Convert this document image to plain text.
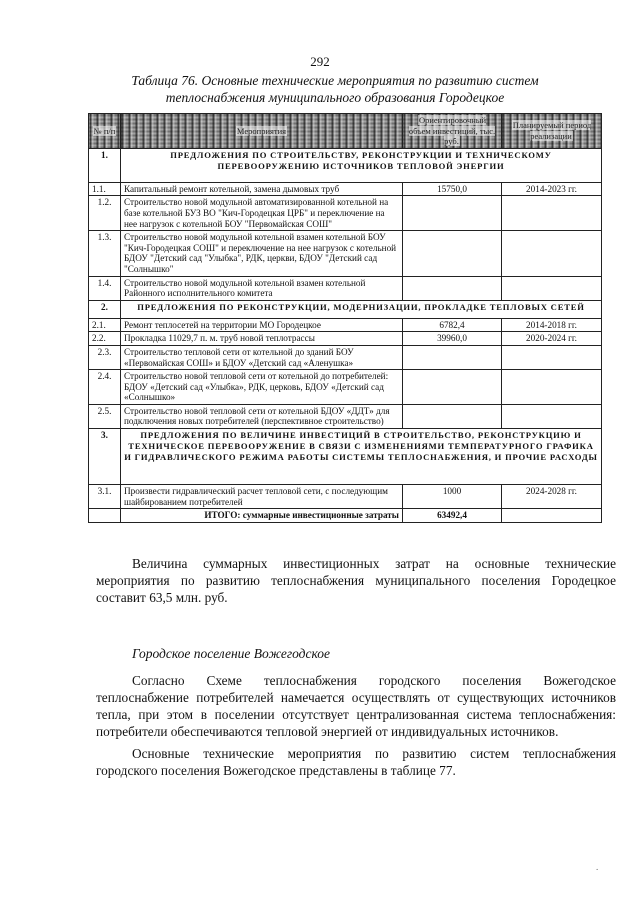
292
Таблица 76. Основные технические мероприятия по развитию систем теплоснабжения муниципального образования Городецкое
№ п/п	Мероприятия	Ориентировочный объем инвестиций, тыс. руб.	Планируемый период реализации
1.	ПРЕДЛОЖЕНИЯ ПО СТРОИТЕЛЬСТВУ, РЕКОНСТРУКЦИИ И ТЕХНИЧЕСКОМУ ПЕРЕВООРУЖЕНИЮ ИСТОЧНИКОВ ТЕПЛОВОЙ ЭНЕРГИИ		
1.1.	Капитальный ремонт котельной, замена дымовых труб	15750,0	2014-2023 гг.
1.2.	Строительство новой модульной автоматизированной котельной на базе котельной БУЗ ВО "Кич-Городецкая ЦРБ" и переключение на нее нагрузок с котельной БОУ "Первомайская СОШ"		
1.3.	Строительство новой модульной котельной взамен котельной БОУ "Кич-Городецкая СОШ" и переключение на нее нагрузок с котельной БДОУ "Детский сад "Улыбка", РДК, церкви, БДОУ "Детский сад "Солнышко"		
1.4.	Строительство новой модульной котельной взамен котельной Районного исполнительного комитета		
2.	ПРЕДЛОЖЕНИЯ ПО РЕКОНСТРУКЦИИ, МОДЕРНИЗАЦИИ, ПРОКЛАДКЕ ТЕПЛОВЫХ СЕТЕЙ		
2.1.	Ремонт теплосетей на территории МО Городецкое	6782,4	2014-2018 гг.
2.2.	Прокладка 11029,7 п. м. труб новой теплотрассы	39960,0	2020-2024 гг.
2.3.	Строительство тепловой сети от котельной до зданий БОУ «Первомайская СОШ» и БДОУ «Детский сад «Аленушка»		
2.4.	Строительство новой тепловой сети от котельной до потребителей: БДОУ «Детский сад «Улыбка», РДК, церковь, БДОУ «Детский сад «Солнышко»		
2.5.	Строительство новой тепловой сети от котельной БДОУ «ДДТ» для подключения новых потребителей (перспективное строительство)		
3.	ПРЕДЛОЖЕНИЯ ПО ВЕЛИЧИНЕ ИНВЕСТИЦИЙ В СТРОИТЕЛЬСТВО, РЕКОНСТРУКЦИЮ И ТЕХНИЧЕСКОЕ ПЕРЕВООРУЖЕНИЕ В СВЯЗИ С ИЗМЕНЕНИЯМИ ТЕМПЕРАТУРНОГО ГРАФИКА И ГИДРАВЛИЧЕСКОГО РЕЖИМА РАБОТЫ СИСТЕМЫ ТЕПЛОСНАБЖЕНИЯ, И ПРОЧИЕ РАСХОДЫ		
3.1.	Произвести гидравлический расчет тепловой сети, с последующим шайбированием потребителей	1000	2024-2028 гг.
	ИТОГО: суммарные инвестиционные затраты	63492,4	
Величина суммарных инвестиционных затрат на основные технические мероприятия по развитию теплоснабжения муниципального поселения Городецкое составит 63,5 млн. руб.
Городское поселение Вожегодское
Согласно Схеме теплоснабжения городского поселения Вожегодское теплоснабжение потребителей намечается осуществлять от существующих источников тепла, при этом в поселении отсутствует централизованная система теплоснабжения: потребители обеспечиваются тепловой энергией от индивидуальных источников.
Основные технические мероприятия по развитию систем теплоснабжения городского поселения Вожегодское представлены в таблице 77.
.
